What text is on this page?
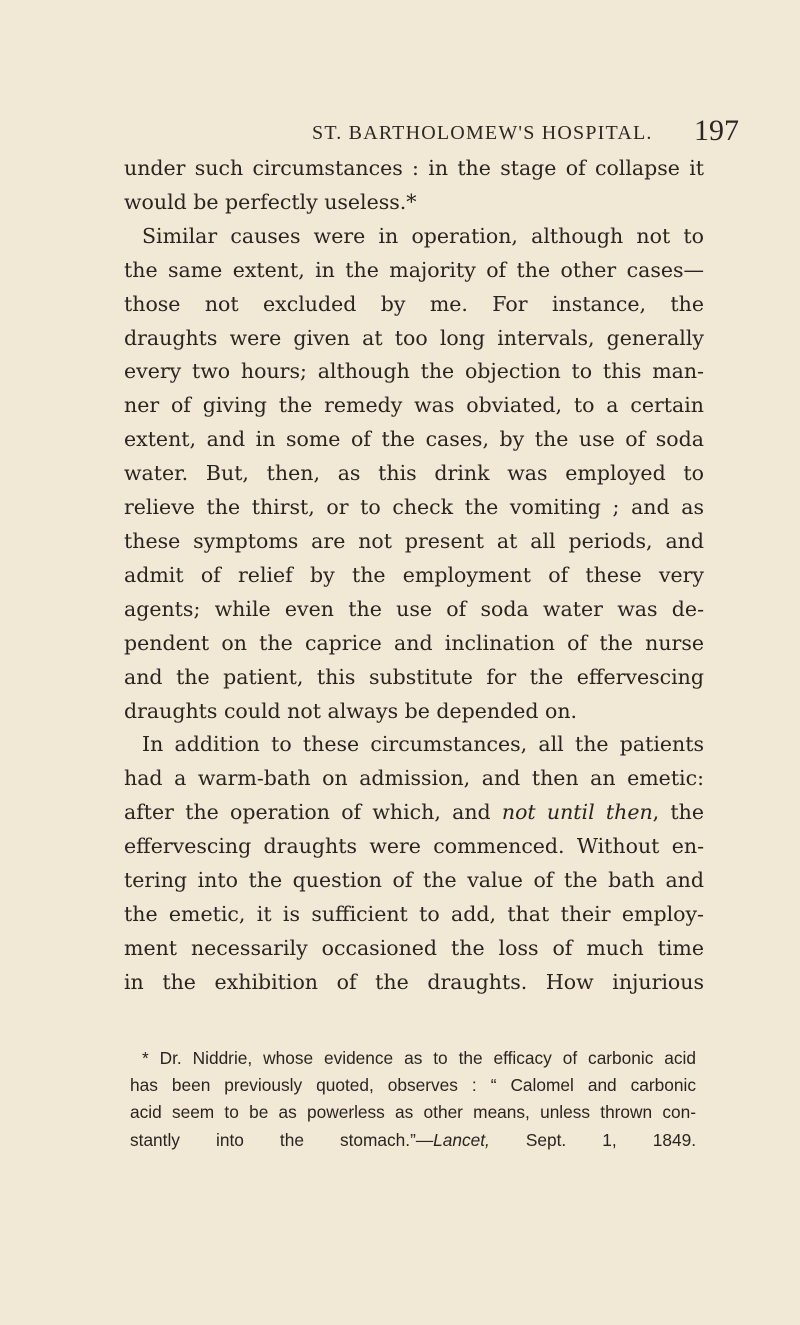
ST. BARTHOLOMEW'S HOSPITAL. 197
under such circumstances : in the stage of collapse it
would be perfectly useless.*
Similar causes were in operation, although not to
the same extent, in the majority of the other cases—
those not excluded by me. For instance, the
draughts were given at too long intervals, generally
every two hours; although the objection to this man-
ner of giving the remedy was obviated, to a certain
extent, and in some of the cases, by the use of soda
water. But, then, as this drink was employed to
relieve the thirst, or to check the vomiting ; and as
these symptoms are not present at all periods, and
admit of relief by the employment of these very
agents; while even the use of soda water was de-
pendent on the caprice and inclination of the nurse
and the patient, this substitute for the effervescing
draughts could not always be depended on.
In addition to these circumstances, all the patients
had a warm-bath on admission, and then an emetic:
after the operation of which, and not until then, the
effervescing draughts were commenced. Without en-
tering into the question of the value of the bath and
the emetic, it is sufficient to add, that their employ-
ment necessarily occasioned the loss of much time
in the exhibition of the draughts. How injurious
* Dr. Niddrie, whose evidence as to the efficacy of carbonic acid
has been previously quoted, observes : “ Calomel and carbonic
acid seem to be as powerless as other means, unless thrown con-
stantly into the stomach.”—Lancet, Sept. 1, 1849.
